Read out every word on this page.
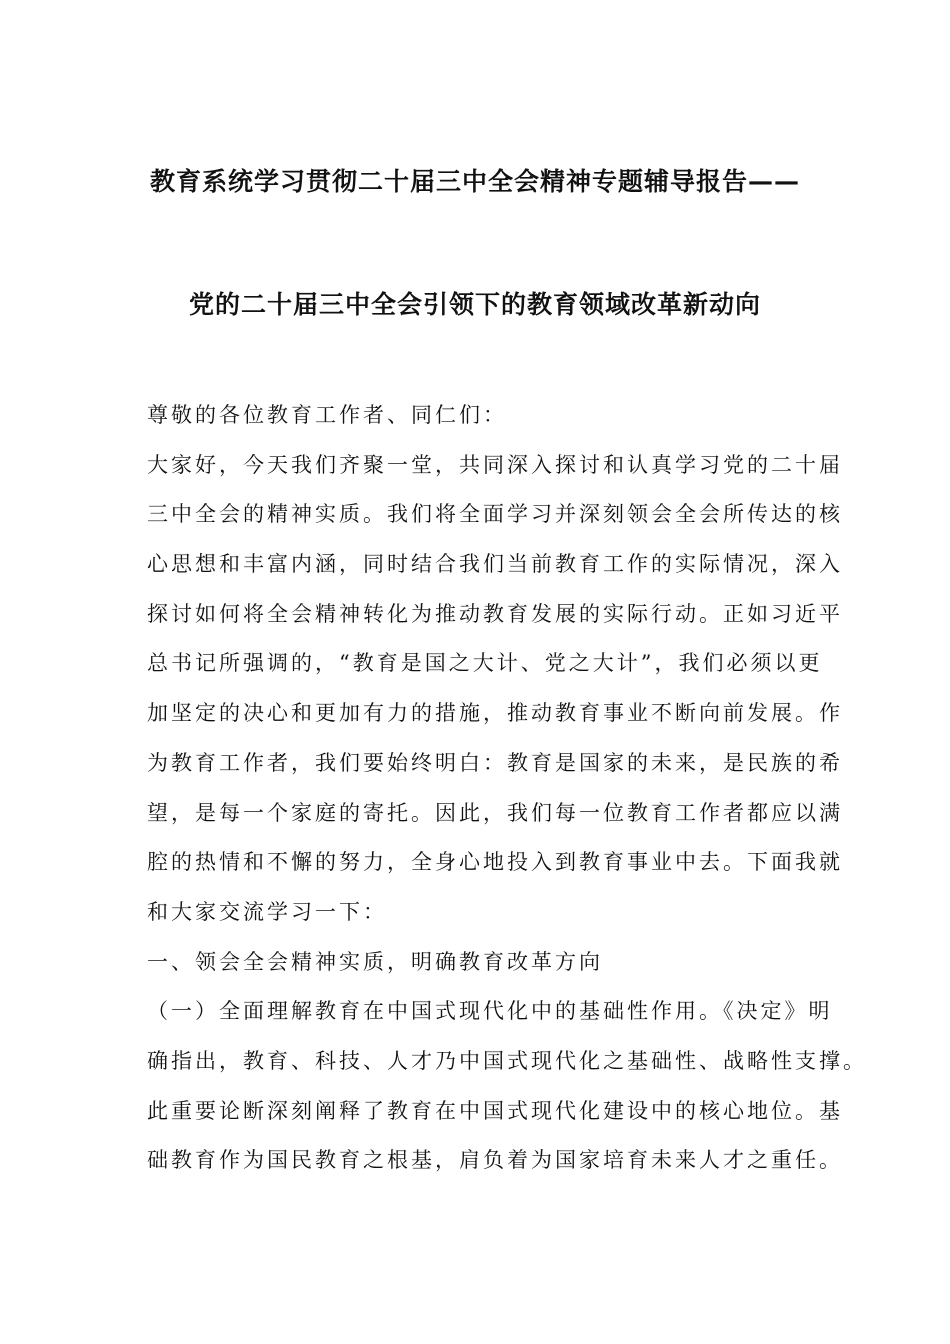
教育系统学习贯彻二十届三中全会精神专题辅导报告——
党的二十届三中全会引领下的教育领域改革新动向
尊敬的各位教育工作者、同仁们：
大家好，今天我们齐聚一堂，共同深入探讨和认真学习党的二十届
三中全会的精神实质。我们将全面学习并深刻领会全会所传达的核
心思想和丰富内涵，同时结合我们当前教育工作的实际情况，深入
探讨如何将全会精神转化为推动教育发展的实际行动。正如习近平
总书记所强调的，“教育是国之大计、党之大计”，我们必须以更
加坚定的决心和更加有力的措施，推动教育事业不断向前发展。作
为教育工作者，我们要始终明白：教育是国家的未来，是民族的希
望，是每一个家庭的寄托。因此，我们每一位教育工作者都应以满
腔的热情和不懈的努力，全身心地投入到教育事业中去。下面我就
和大家交流学习一下：
一、领会全会精神实质，明确教育改革方向
（一）全面理解教育在中国式现代化中的基础性作用。《决定》明
确指出，教育、科技、人才乃中国式现代化之基础性、战略性支撑。
此重要论断深刻阐释了教育在中国式现代化建设中的核心地位。基
础教育作为国民教育之根基，肩负着为国家培育未来人才之重任。
